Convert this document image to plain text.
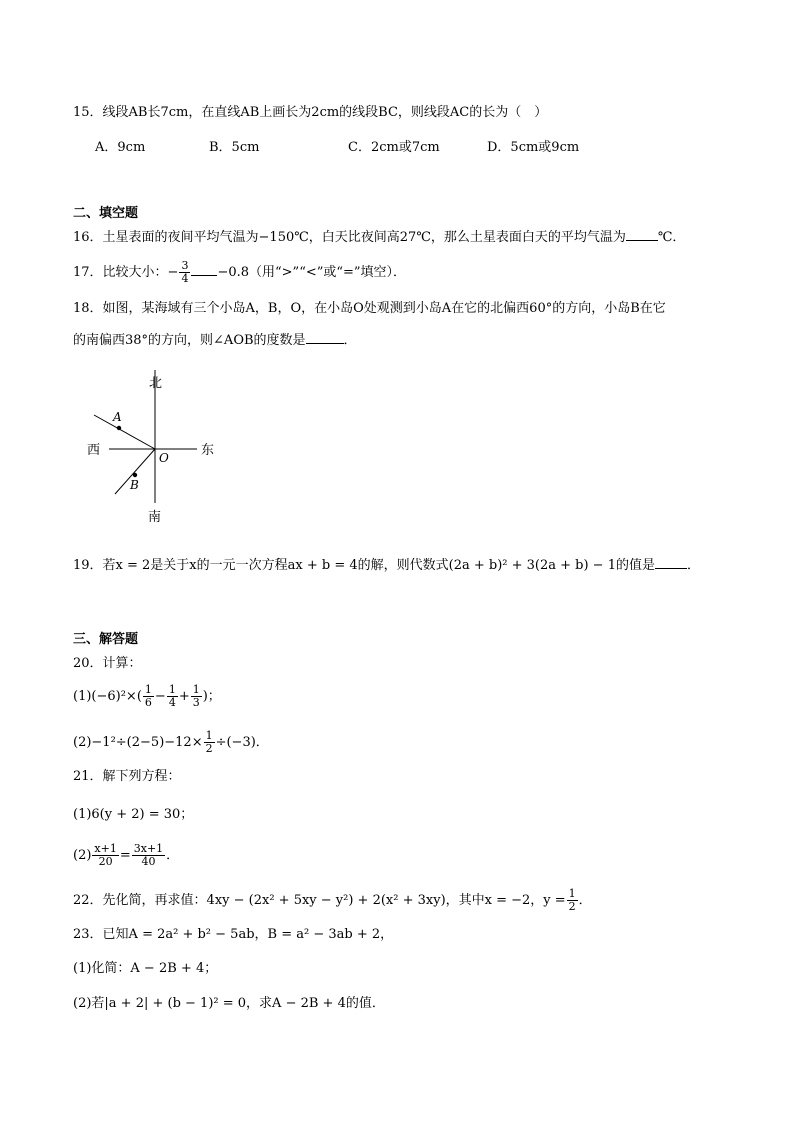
15．线段AB长7cm，在直线AB上画长为2cm的线段BC，则线段AC的长为（　）
A．9cm	B．5cm	C．2cm或7cm	D．5cm或9cm
二、填空题
16．土星表面的夜间平均气温为−150℃，白天比夜间高27℃，那么土星表面白天的平均气温为 ℃．
17．比较大小：− $\frac{3}{4} -0.8$（用“>”“<”或“=”填空）．
18．如图，某海域有三个小岛A，B，O，在小岛O处观测到小岛A在它的北偏西60°的方向，小岛B在它
的南偏西38°的方向，则∠AOB的度数是	．
北
南
西	东
A
B
O
19．若x = 2是关于x的一元一次方程ax + b = 4的解，则代数式(2a + b)² + 3(2a + b) − 1的值是 ．
三、解答题
20．计算：
$(1)(-6)^2\times( \frac{1}{6} - \frac{1}{4} + \frac{1}{3}$ )；
$(2)-1^2\div(2-5)-12\times \frac{1}{2} \div(-3)$．
21．解下列方程：
(1)6(y + 2) = 30；
$(2) \frac{x+1}{20} = \frac{3x+1}{40}$ ．
22．先化简，再求值：4xy − (2x² + 5xy − y²) + 2(x² + 3xy)，其中x = −2，$y = \frac{1}{2}$ ．
23．已知A = 2a² + b² − 5ab，B = a² − 3ab + 2，
(1)化简：A − 2B + 4；
(2)若|a + 2| + (b − 1)² = 0，求A − 2B + 4的值．
